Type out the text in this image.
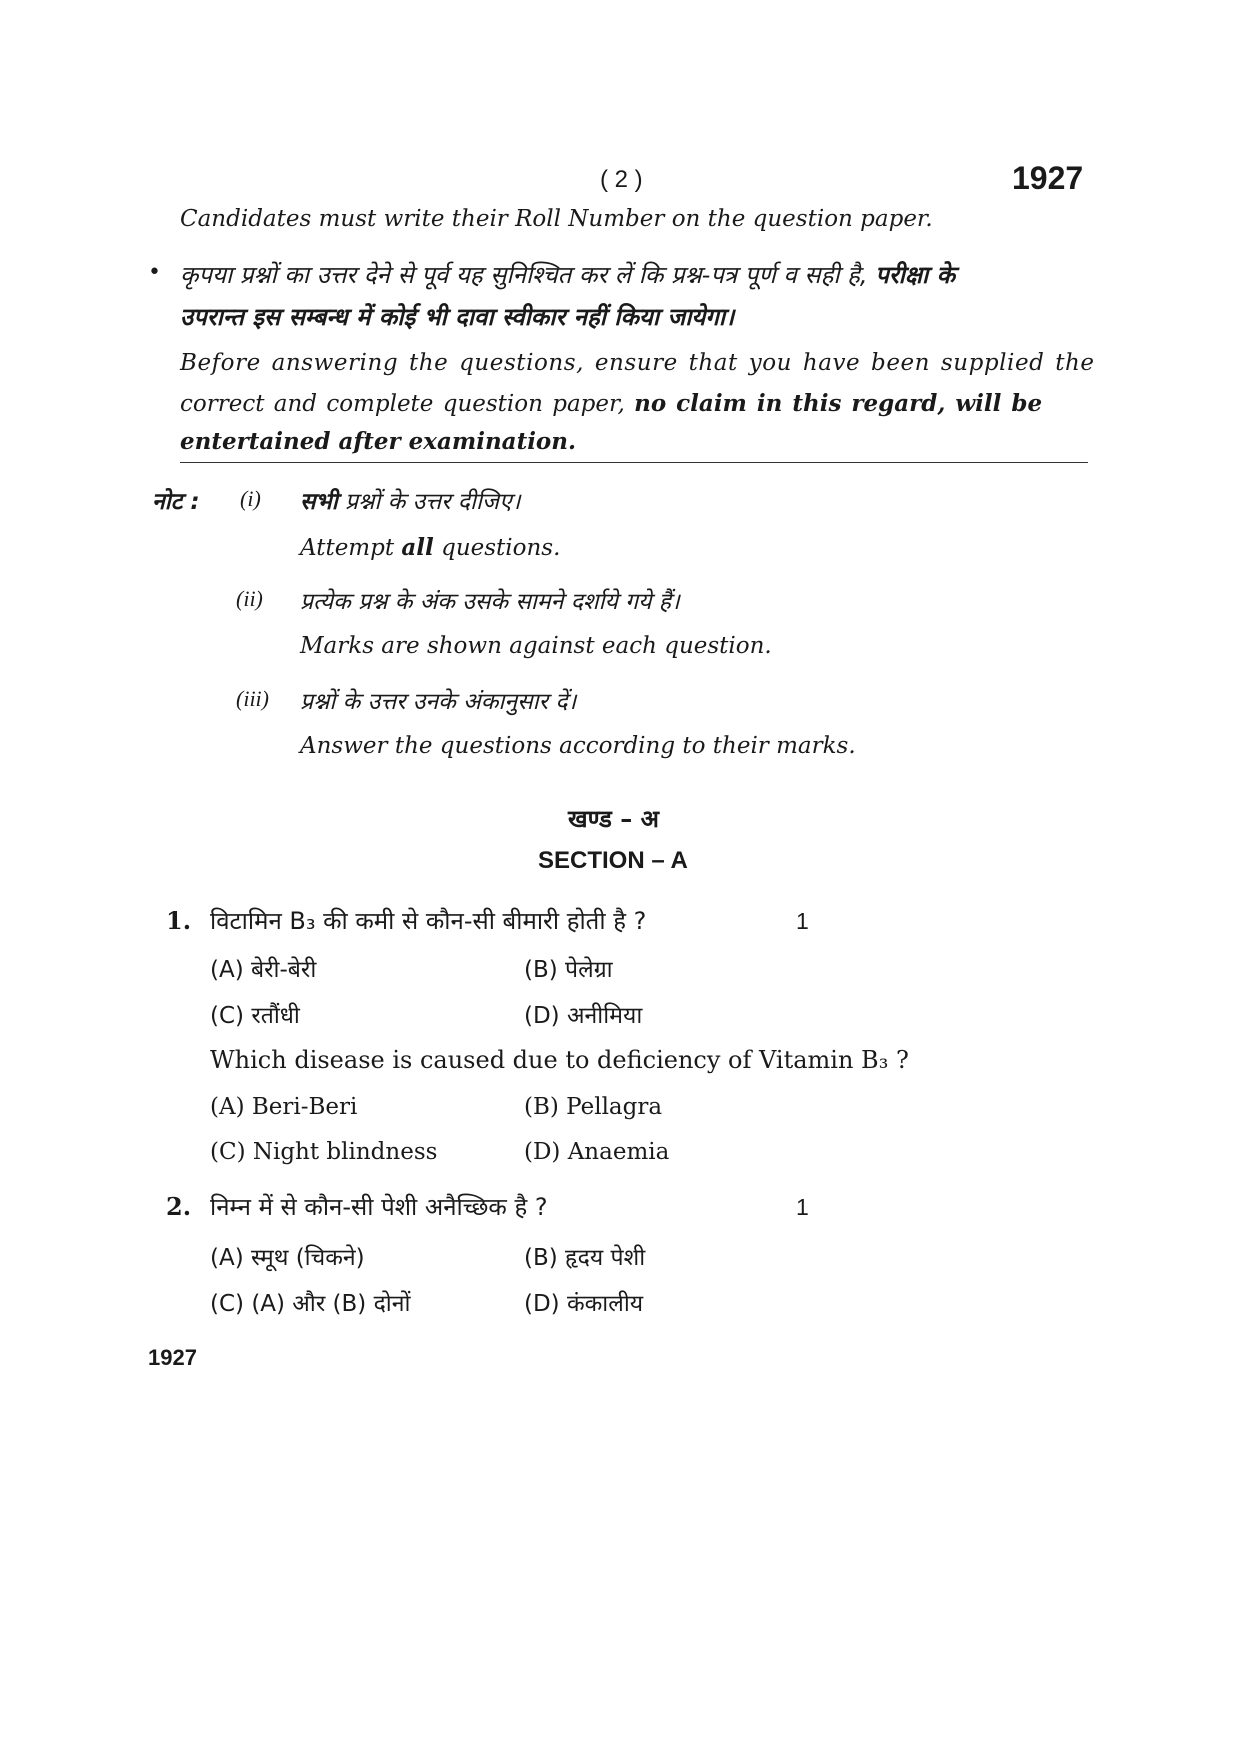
( 2 )	1927
Candidates must write their Roll Number on the question paper.
• कृपया प्रश्नों का उत्तर देने से पूर्व यह सुनिश्चित कर लें कि प्रश्न-पत्र पूर्ण व सही है, परीक्षा के
उपरान्त इस सम्बन्ध में कोई भी दावा स्वीकार नहीं किया जायेगा।
Before answering the questions, ensure that you have been supplied the
correct and complete question paper, no claim in this regard, will be
entertained after examination.
नोट : (i) सभी प्रश्नों के उत्तर दीजिए।
Attempt all questions.
(ii) प्रत्येक प्रश्न के अंक उसके सामने दर्शाये गये हैं।
Marks are shown against each question.
(iii) प्रश्नों के उत्तर उनके अंकानुसार दें।
Answer the questions according to their marks.
खण्ड – अ
SECTION – A
1. विटामिन B₃ की कमी से कौन-सी बीमारी होती है ?	1
(A) बेरी-बेरी	(B) पेलेग्रा
(C) रतौंधी	(D) अनीमिया
Which disease is caused due to deficiency of Vitamin B₃ ?
(A) Beri-Beri	(B) Pellagra
(C) Night blindness	(D) Anaemia
2. निम्न में से कौन-सी पेशी अनैच्छिक है ?	1
(A) स्मूथ (चिकने)	(B) हृदय पेशी
(C) (A) और (B) दोनों	(D) कंकालीय
1927
